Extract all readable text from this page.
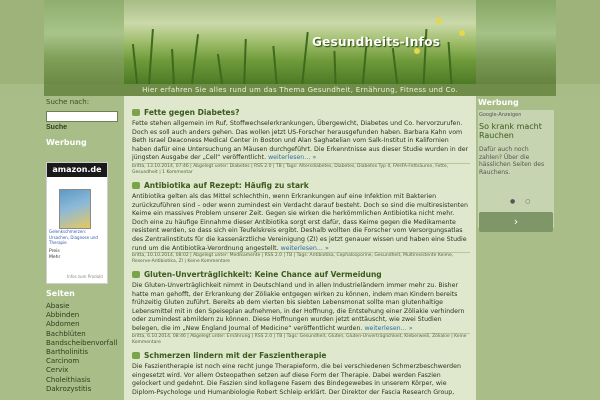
Gesundheits-Infos
Hier erfahren Sie alles rund um das Thema Gesundheit, Ernährung, Fitness und Co.
Suche nach:
Suche
Werbung
amazon.de
Gelenkschmerzen: Ursachen, Diagnose und Therapie
Preis
Mehr
Infos zum Produkt
Seiten
Abasie
Abbinden
Abdomen
Bachblüten
Bandscheibenvorfall
Bartholinitis
Carcinom
Cervix
Choleithiasis
Dakrozystitis
Fette gegen Diabetes?
Fette stehen allgemein im Ruf, Stoffwechselerkrankungen, Übergewicht, Diabetes und Co. hervorzurufen. Doch es soll auch anders gehen. Das wollen jetzt US-Forscher herausgefunden haben. Barbara Kahn vom Beth Israel Deaconess Medical Center in Boston und Alan Saghatelian vom Salk-Institut in Kalifornien haben dafür eine Untersuchung an Mäusen durchgeführt. Die Erkenntnisse aus dieser Studie wurden in der jüngsten Ausgabe der „Cell“ veröffentlicht. weiterlesen… »
britta, 13.10.2014, 07:46 | Abgelegt unter: Diabetes | RSS 2.0 | TB | Tags: Altersdiabetes, Diabetes, Diabetes Typ II, FAHFA-Fettsäuren, Fette, Gesundheit | 1 Kommentar
Antibiotika auf Rezept: Häufig zu stark
Antibiotika gelten als das Mittel schlechthin, wenn Erkrankungen auf eine Infektion mit Bakterien zurückzuführen sind – oder wenn zumindest ein Verdacht darauf besteht. Doch so sind die multiresistenten Keime ein massives Problem unserer Zeit. Gegen sie wirken die herkömmlichen Antibiotika nicht mehr. Doch eine zu häufige Einnahme dieser Antibiotika sorgt erst dafür, dass Keime gegen die Medikamente resistent werden, so dass sich ein Teufelskreis ergibt. Deshalb wollten die Forscher vom Versorgungsatlas des Zentralinstituts für die kassenärztliche Vereinigung (ZI) es jetzt genauer wissen und haben eine Studie rund um die Antibiotika-Verordnung angestellt. weiterlesen… »
britta, 10.10.2014, 08:02 | Abgelegt unter: Medikamente | RSS 2.0 | TB | Tags: Antibiotika, Cephalosporine, Gesundheit, Multiresistente Keime, Reserve-Antibiotika, ZI | Keine Kommentare
Gluten-Unverträglichkeit: Keine Chance auf Vermeidung
Die Gluten-Unverträglichkeit nimmt in Deutschland und in allen Industrieländern immer mehr zu. Bisher hatte man gehofft, der Erkrankung der Zöliakie entgegen wirken zu können, indem man Kindern bereits frühzeitig Gluten zuführt. Bereits ab dem vierten bis siebten Lebensmonat sollte man glutenhaltige Lebensmittel mit in den Speiseplan aufnehmen, in der Hoffnung, die Entstehung einer Zöliakie verhindern oder zumindest abmildern zu können. Diese Hoffnungen wurden jetzt enttäuscht, wie zwei Studien belegen, die im „New England Journal of Medicine“ veröffentlicht wurden. weiterlesen… »
britta, 6.10.2014, 08:46 | Abgelegt unter: Ernährung | RSS 2.0 | TB | Tags: Gesundheit, Gluten, Gluten-Unverträglichkeit, Kleberweiß, Zöliakie | Keine Kommentare
Schmerzen lindern mit der Faszientherapie
Die Faszientherapie ist noch eine recht junge Therapieform, die bei verschiedenen Schmerzbeschwerden eingesetzt wird. Vor allem Osteopathen setzen auf diese Form der Therapie. Dabei werden Faszien gelockert und gedehnt. Die Faszien sind kollagene Fasern des Bindegewebes in unserem Körper, wie Diplom-Psychologe und Humanbiologie Robert Schleip erklärt. Der Direktor der Fascia Research Group,
Werbung
Google-Anzeigen
So krank macht Rauchen
Dafür auch noch zahlen? Über die hässlichen Seiten des Rauchens.
● ○
›
